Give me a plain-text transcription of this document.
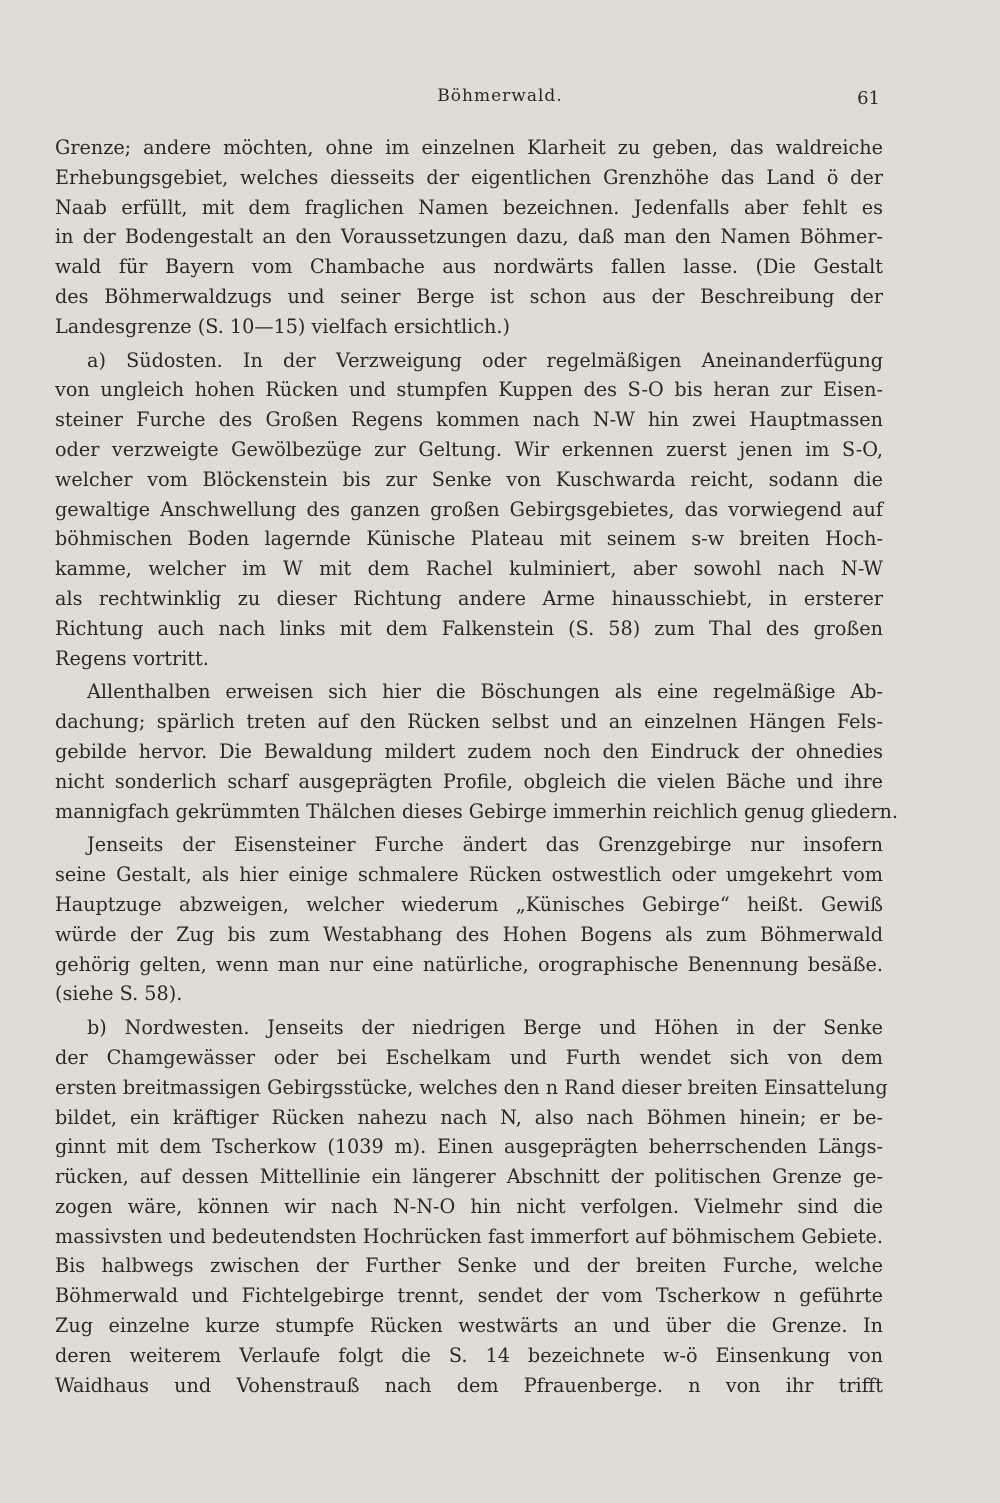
Böhmerwald.	61
Grenze; andere möchten, ohne im einzelnen Klarheit zu geben, das waldreiche
Erhebungsgebiet, welches diesseits der eigentlichen Grenzhöhe das Land ö der
Naab erfüllt, mit dem fraglichen Namen bezeichnen. Jedenfalls aber fehlt es
in der Bodengestalt an den Voraussetzungen dazu, daß man den Namen Böhmer-
wald für Bayern vom Chambache aus nordwärts fallen lasse. (Die Gestalt
des Böhmerwaldzugs und seiner Berge ist schon aus der Beschreibung der
Landesgrenze (S. 10—15) vielfach ersichtlich.)
a) Südosten. In der Verzweigung oder regelmäßigen Aneinanderfügung
von ungleich hohen Rücken und stumpfen Kuppen des S-O bis heran zur Eisen-
steiner Furche des Großen Regens kommen nach N-W hin zwei Hauptmassen
oder verzweigte Gewölbezüge zur Geltung. Wir erkennen zuerst jenen im S-O,
welcher vom Blöckenstein bis zur Senke von Kuschwarda reicht, sodann die
gewaltige Anschwellung des ganzen großen Gebirgsgebietes, das vorwiegend auf
böhmischen Boden lagernde Künische Plateau mit seinem s-w breiten Hoch-
kamme, welcher im W mit dem Rachel kulminiert, aber sowohl nach N-W
als rechtwinklig zu dieser Richtung andere Arme hinausschiebt, in ersterer
Richtung auch nach links mit dem Falkenstein (S. 58) zum Thal des großen
Regens vortritt.
Allenthalben erweisen sich hier die Böschungen als eine regelmäßige Ab-
dachung; spärlich treten auf den Rücken selbst und an einzelnen Hängen Fels-
gebilde hervor. Die Bewaldung mildert zudem noch den Eindruck der ohnedies
nicht sonderlich scharf ausgeprägten Profile, obgleich die vielen Bäche und ihre
mannigfach gekrümmten Thälchen dieses Gebirge immerhin reichlich genug gliedern.
Jenseits der Eisensteiner Furche ändert das Grenzgebirge nur insofern
seine Gestalt, als hier einige schmalere Rücken ostwestlich oder umgekehrt vom
Hauptzuge abzweigen, welcher wiederum „Künisches Gebirge“ heißt. Gewiß
würde der Zug bis zum Westabhang des Hohen Bogens als zum Böhmerwald
gehörig gelten, wenn man nur eine natürliche, orographische Benennung besäße.
(siehe S. 58).
b) Nordwesten. Jenseits der niedrigen Berge und Höhen in der Senke
der Chamgewässer oder bei Eschelkam und Furth wendet sich von dem
ersten breitmassigen Gebirgsstücke, welches den n Rand dieser breiten Einsattelung
bildet, ein kräftiger Rücken nahezu nach N, also nach Böhmen hinein; er be-
ginnt mit dem Tscherkow (1039 m). Einen ausgeprägten beherrschenden Längs-
rücken, auf dessen Mittellinie ein längerer Abschnitt der politischen Grenze ge-
zogen wäre, können wir nach N-N-O hin nicht verfolgen. Vielmehr sind die
massivsten und bedeutendsten Hochrücken fast immerfort auf böhmischem Gebiete.
Bis halbwegs zwischen der Further Senke und der breiten Furche, welche
Böhmerwald und Fichtelgebirge trennt, sendet der vom Tscherkow n geführte
Zug einzelne kurze stumpfe Rücken westwärts an und über die Grenze. In
deren weiterem Verlaufe folgt die S. 14 bezeichnete w-ö Einsenkung von
Waidhaus und Vohenstrauß nach dem Pfrauenberge. n von ihr trifft
